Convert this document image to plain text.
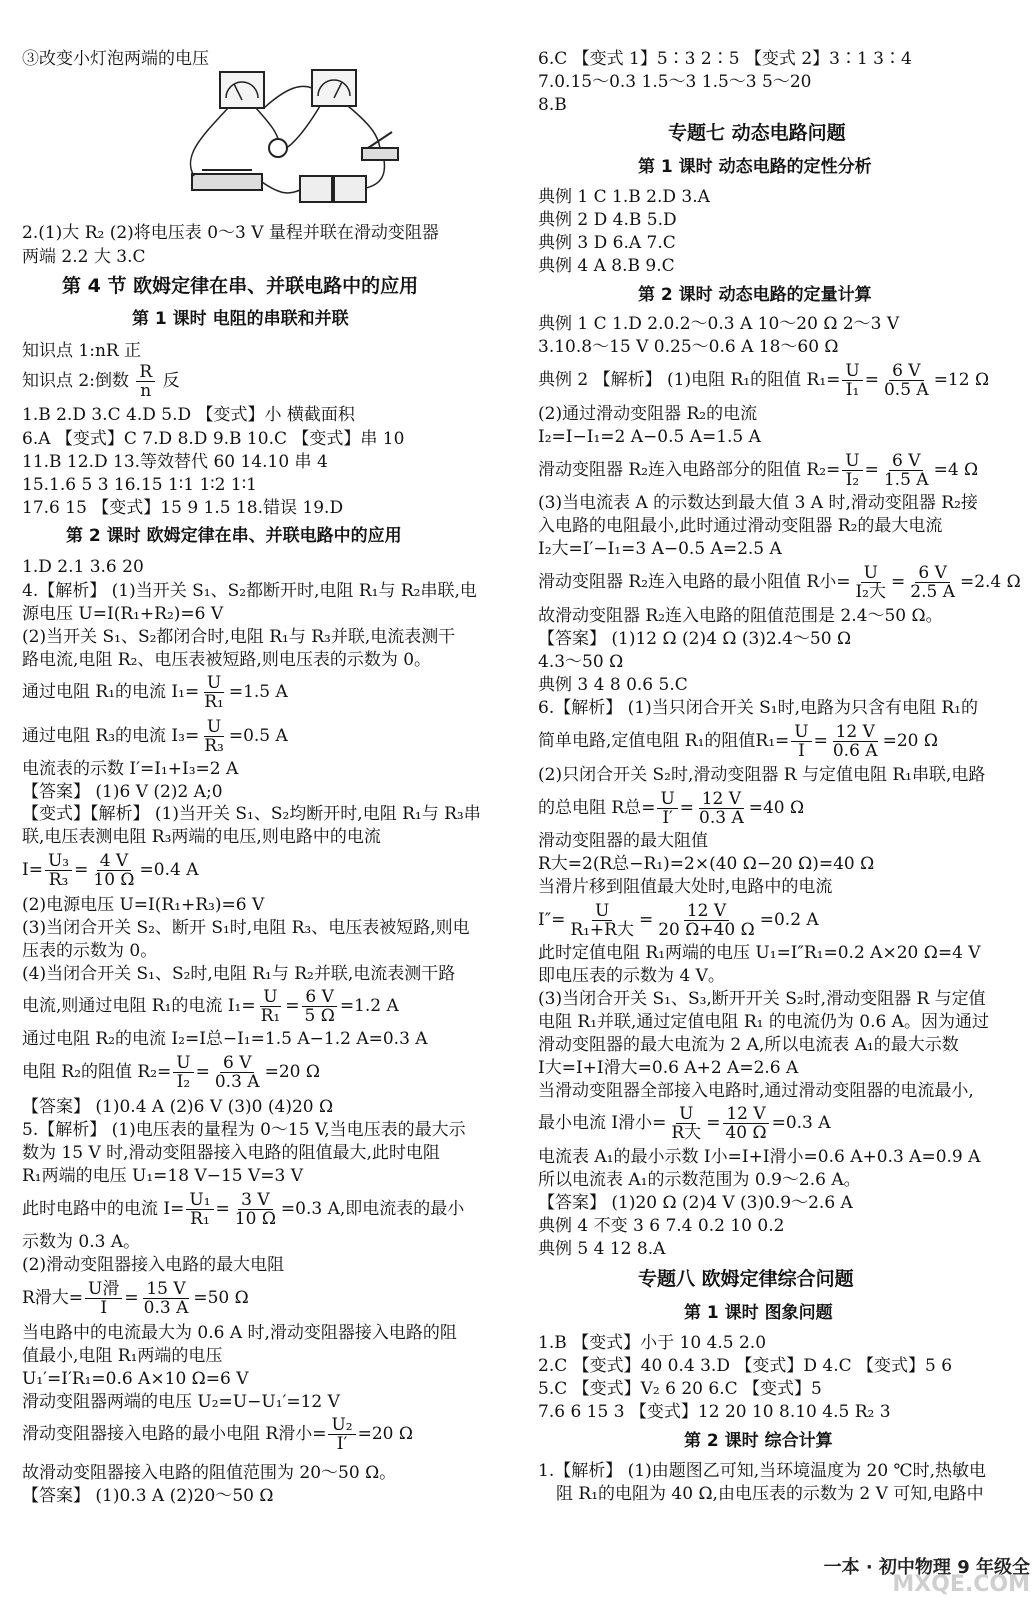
③改变小灯泡两端的电压
2.(1)大 R₂ (2)将电压表 0～3 V 量程并联在滑动变阻器
两端 2.2 大 3.C
第 4 节 欧姆定律在串、并联电路中的应用
第 1 课时 电阻的串联和并联
知识点 1:nR 正
知识点 2:倒数 $\frac{R}{n}$ 反
1.B 2.D 3.C 4.D 5.D 【变式】小 横截面积
6.A 【变式】C 7.D 8.D 9.B 10.C 【变式】串 10
11.B 12.D 13.等效替代 60 14.10 串 4
15.1.6 5 3 16.15 1∶1 1∶2 1∶1
17.6 15 【变式】15 9 1.5 18.错误 19.D
第 2 课时 欧姆定律在串、并联电路中的应用
1.D 2.1 3.6 20
4.【解析】 (1)当开关 S₁、S₂都断开时,电阻 R₁与 R₂串联,电
源电压 U=I(R₁+R₂)=6 V
(2)当开关 S₁、S₂都闭合时,电阻 R₁与 R₃并联,电流表测干
路电流,电阻 R₂、电压表被短路,则电压表的示数为 0。
通过电阻 R₁的电流 $I_1= \frac{U}{\text{R₁}} =1.5$ A
通过电阻 R₃的电流 $I_3= \frac{U}{\text{R₃}} =0.5$ A
电流表的示数 I′=I₁+I₃=2 A
【答案】 (1)6 V (2)2 A;0
【变式】【解析】 (1)当开关 S₁、S₂均断开时,电阻 R₁与 R₃串
联,电压表测电阻 R₃两端的电压,则电路中的电流
$I= \frac{\text{U₃}}{\text{R₃}} = \frac{4 V}{10 \Omega} =0.4$ A
(2)电源电压 U=I(R₁+R₃)=6 V
(3)当闭合开关 S₂、断开 S₁时,电阻 R₃、电压表被短路,则电
压表的示数为 0。
(4)当闭合开关 S₁、S₂时,电阻 R₁与 R₂并联,电流表测干路
电流,则通过电阻 R₁的电流 $I_1= \frac{U}{\text{R₁}} = \frac{6 V}{5 \Omega} =1.2$ A
通过电阻 R₂的电流 I₂=I总−I₁=1.5 A−1.2 A=0.3 A
电阻 R₂的阻值 $R_2= \frac{U}{\text{I₂}} = \frac{6 V}{0.3 A} =20$ Ω
【答案】 (1)0.4 A (2)6 V (3)0 (4)20 Ω
5.【解析】 (1)电压表的量程为 0～15 V,当电压表的最大示
数为 15 V 时,滑动变阻器接入电路的阻值最大,此时电阻
R₁两端的电压 U₁=18 V−15 V=3 V
此时电路中的电流 $I= \frac{\text{U₁}}{\text{R₁}} = \frac{3 V}{10 \Omega} =0.3$ A,即电流表的最小
示数为 0.3 A。
(2)滑动变阻器接入电路的最大电阻
R滑大= $\frac{\text{U滑}}{I} = \frac{15 V}{0.3 A} =50$ Ω
当电路中的电流最大为 0.6 A 时,滑动变阻器接入电路的阻
值最小,电阻 R₁两端的电压
U₁′=I′R₁=0.6 A×10 Ω=6 V
滑动变阻器两端的电压 U₂=U−U₁′=12 V
滑动变阻器接入电路的最小电阻 R滑小= $\frac{\text{U₂}}{I'} =20$ Ω
故滑动变阻器接入电路的阻值范围为 20～50 Ω。
【答案】 (1)0.3 A (2)20～50 Ω
6.C 【变式 1】5∶3 2∶5 【变式 2】3∶1 3∶4
7.0.15～0.3 1.5～3 1.5～3 5～20
8.B
专题七 动态电路问题
第 1 课时 动态电路的定性分析
典例 1 C 1.B 2.D 3.A
典例 2 D 4.B 5.D
典例 3 D 6.A 7.C
典例 4 A 8.B 9.C
第 2 课时 动态电路的定量计算
典例 1 C 1.D 2.0.2～0.3 A 10～20 Ω 2～3 V
3.10.8～15 V 0.25～0.6 A 18～60 Ω
典例 2 【解析】 (1)电阻 R₁的阻值 $R_1= \frac{U}{\text{I₁}} = \frac{6 V}{0.5 A} =12$ Ω
(2)通过滑动变阻器 R₂的电流
I₂=I−I₁=2 A−0.5 A=1.5 A
滑动变阻器 R₂连入电路部分的阻值 $R_2= \frac{U}{\text{I₂}} = \frac{6 V}{1.5 A} =4$ Ω
(3)当电流表 A 的示数达到最大值 3 A 时,滑动变阻器 R₂接
入电路的电阻最小,此时通过滑动变阻器 R₂的最大电流
I₂大=I′−I₁=3 A−0.5 A=2.5 A
滑动变阻器 R₂连入电路的最小阻值 R小= $\frac{U}{\text{I₂大}} = \frac{6 V}{2.5 A} =2.4$ Ω
故滑动变阻器 R₂连入电路的阻值范围是 2.4～50 Ω。
【答案】 (1)12 Ω (2)4 Ω (3)2.4～50 Ω
4.3～50 Ω
典例 3 4 8 0.6 5.C
6.【解析】 (1)当只闭合开关 S₁时,电路为只含有电阻 R₁的
简单电路,定值电阻 R₁的阻值$R_1= \frac{U}{I} = \frac{12 V}{0.6 A} =20$ Ω
(2)只闭合开关 S₂时,滑动变阻器 R 与定值电阻 R₁串联,电路
的总电阻 R总= $\frac{U}{I'} = \frac{12 V}{0.3 A} =40$ Ω
滑动变阻器的最大阻值
R大=2(R总−R₁)=2×(40 Ω−20 Ω)=40 Ω
当滑片移到阻值最大处时,电路中的电流
$I''= \frac{U}{\text{R₁+R大}} = \frac{12 V}{20 \Omega+40 \Omega} =0.2$ A
此时定值电阻 R₁两端的电压 U₁=I″R₁=0.2 A×20 Ω=4 V
即电压表的示数为 4 V。
(3)当闭合开关 S₁、S₃,断开开关 S₂时,滑动变阻器 R 与定值
电阻 R₁并联,通过定值电阻 R₁ 的电流仍为 0.6 A。因为通过
滑动变阻器的最大电流为 2 A,所以电流表 A₁的最大示数
I大=I+I滑大=0.6 A+2 A=2.6 A
当滑动变阻器全部接入电路时,通过滑动变阻器的电流最小,
最小电流 I滑小= $\frac{U}{\text{R大}} = \frac{12 V}{40 \Omega} =0.3$ A
电流表 A₁的最小示数 I小=I+I滑小=0.6 A+0.3 A=0.9 A
所以电流表 A₁的示数范围为 0.9～2.6 A。
【答案】 (1)20 Ω (2)4 V (3)0.9～2.6 A
典例 4 不变 3 6 7.4 0.2 10 0.2
典例 5 4 12 8.A
专题八 欧姆定律综合问题
第 1 课时 图象问题
1.B 【变式】小于 10 4.5 2.0
2.C 【变式】40 0.4 3.D 【变式】D 4.C 【变式】5 6
5.C 【变式】V₂ 6 20 6.C 【变式】5
7.6 6 15 3 【变式】12 20 10 8.10 4.5 R₂ 3
第 2 课时 综合计算
1.【解析】 (1)由题图乙可知,当环境温度为 20 ℃时,热敏电
阻 R₁的电阻为 40 Ω,由电压表的示数为 2 V 可知,电路中
一本 · 初中物理 9 年级全
MXQE.COM
